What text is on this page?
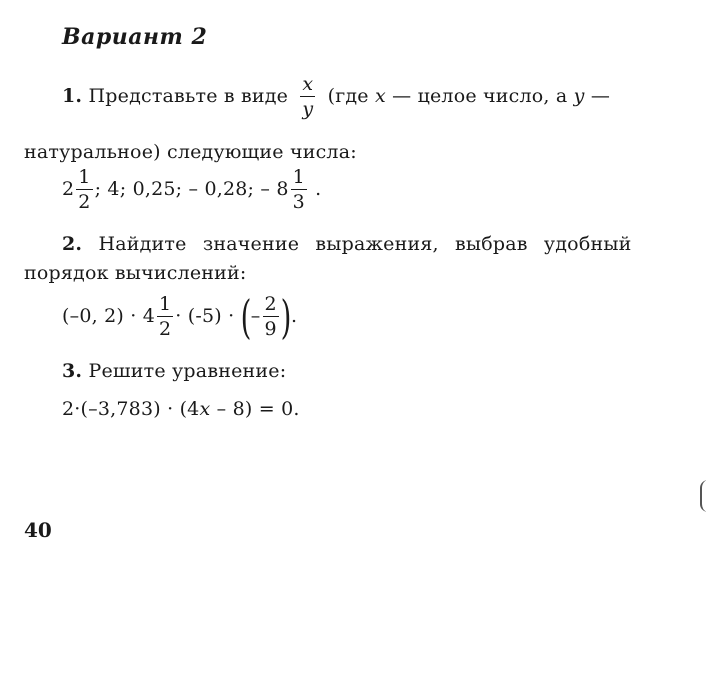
Вариант 2
1. Представьте в виде $\frac{x}{y} (где$ x — целое число, а y —
натуральное) следующие числа:
$2 \frac{1}{2}$ ; 4; 0,25; – 0,28; – $8 \frac{1}{3}$ .
2. Найдите значение выражения, выбрав удобный
порядок вычислений:
(–0, $2) \cdot 4 \frac{1}{2} \cdot (-5)$ · (– $\frac{2}{9}$ ).
3. Решите уравнение:
2·(–3,783) · (4x – 8) = 0.
40
